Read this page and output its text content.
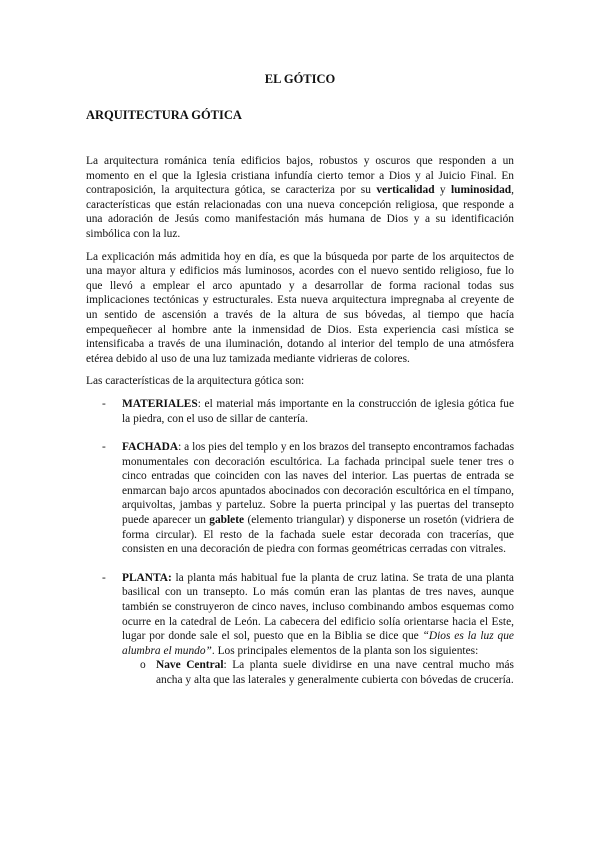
EL GÓTICO
ARQUITECTURA GÓTICA

La arquitectura románica tenía edificios bajos, robustos y oscuros que responden a un momento en el que la Iglesia cristiana infundía cierto temor a Dios y al Juicio Final. En contraposición, la arquitectura gótica, se caracteriza por su verticalidad y luminosidad, características que están relacionadas con una nueva concepción religiosa, que responde a una adoración de Jesús como manifestación más humana de Dios y a su identificación simbólica con la luz.

La explicación más admitida hoy en día, es que la búsqueda por parte de los arquitectos de una mayor altura y edificios más luminosos, acordes con el nuevo sentido religioso, fue lo que llevó a emplear el arco apuntado y a desarrollar de forma racional todas sus implicaciones tectónicas y estructurales. Esta nueva arquitectura impregnaba al creyente de un sentido de ascensión a través de la altura de sus bóvedas, al tiempo que hacía empequeñecer al hombre ante la inmensidad de Dios. Esta experiencia casi mística se intensificaba a través de una iluminación, dotando al interior del templo de una atmósfera etérea debido al uso de una luz tamizada mediante vidrieras de colores.

Las características de la arquitectura gótica son:

- MATERIALES: el material más importante en la construcción de iglesia gótica fue la piedra, con el uso de sillar de cantería.
- FACHADA: a los pies del templo y en los brazos del transepto encontramos fachadas monumentales con decoración escultórica. La fachada principal suele tener tres o cinco entradas que coinciden con las naves del interior. Las puertas de entrada se enmarcan bajo arcos apuntados abocinados con decoración escultórica en el tímpano, arquivoltas, jambas y parteluz. Sobre la puerta principal y las puertas del transepto puede aparecer un gablete (elemento triangular) y disponerse un rosetón (vidriera de forma circular). El resto de la fachada suele estar decorada con tracerías, que consisten en una decoración de piedra con formas geométricas cerradas con vitrales.
- PLANTA: la planta más habitual fue la planta de cruz latina. Se trata de una planta basilical con un transepto. Lo más común eran las plantas de tres naves, aunque también se construyeron de cinco naves, incluso combinando ambos esquemas como ocurre en la catedral de León. La cabecera del edificio solía orientarse hacia el Este, lugar por donde sale el sol, puesto que en la Biblia se dice que “Dios es la luz que alumbra el mundo”. Los principales elementos de la planta son los siguientes:
o Nave Central: La planta suele dividirse en una nave central mucho más ancha y alta que las laterales y generalmente cubierta con bóvedas de crucería.
